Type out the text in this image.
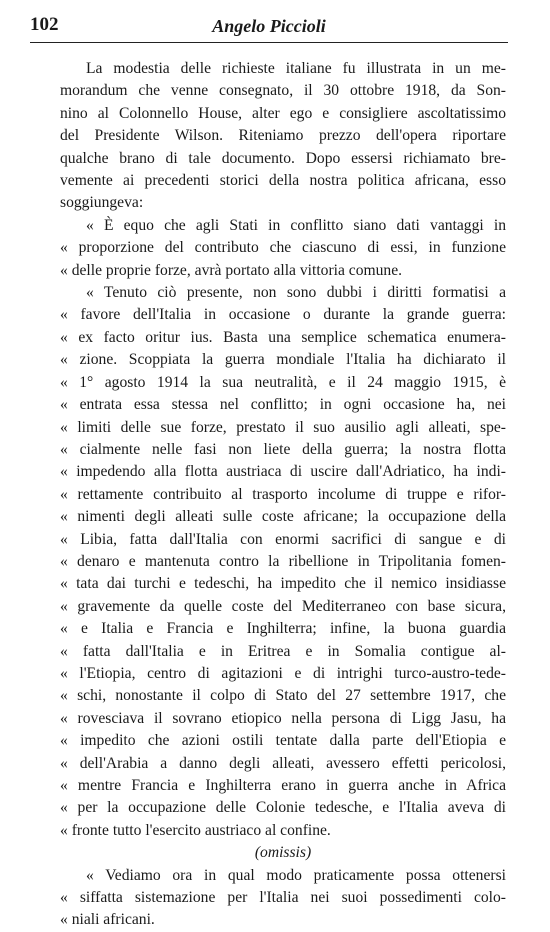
102	Angelo Piccioli
La modestia delle richieste italiane fu illustrata in un me-
morandum che venne consegnato, il 30 ottobre 1918, da Son-
nino al Colonnello House, alter ego e consigliere ascoltatissimo
del Presidente Wilson. Riteniamo prezzo dell'opera riportare
qualche brano di tale documento. Dopo essersi richiamato bre-
vemente ai precedenti storici della nostra politica africana, esso
soggiungeva:
« È equo che agli Stati in conflitto siano dati vantaggi in
« proporzione del contributo che ciascuno di essi, in funzione
« delle proprie forze, avrà portato alla vittoria comune.
« Tenuto ciò presente, non sono dubbi i diritti formatisi a
« favore dell'Italia in occasione o durante la grande guerra:
« ex facto oritur ius. Basta una semplice schematica enumera-
« zione. Scoppiata la guerra mondiale l'Italia ha dichiarato il
« 1° agosto 1914 la sua neutralità, e il 24 maggio 1915, è
« entrata essa stessa nel conflitto; in ogni occasione ha, nei
« limiti delle sue forze, prestato il suo ausilio agli alleati, spe-
« cialmente nelle fasi non liete della guerra; la nostra flotta
« impedendo alla flotta austriaca di uscire dall'Adriatico, ha indi-
« rettamente contribuito al trasporto incolume di truppe e rifor-
« nimenti degli alleati sulle coste africane; la occupazione della
« Libia, fatta dall'Italia con enormi sacrifici di sangue e di
« denaro e mantenuta contro la ribellione in Tripolitania fomen-
« tata dai turchi e tedeschi, ha impedito che il nemico insidiasse
« gravemente da quelle coste del Mediterraneo con base sicura,
« e Italia e Francia e Inghilterra; infine, la buona guardia
« fatta dall'Italia e in Eritrea e in Somalia contigue al-
« l'Etiopia, centro di agitazioni e di intrighi turco-austro-tede-
« schi, nonostante il colpo di Stato del 27 settembre 1917, che
« rovesciava il sovrano etiopico nella persona di Ligg Jasu, ha
« impedito che azioni ostili tentate dalla parte dell'Etiopia e
« dell'Arabia a danno degli alleati, avessero effetti pericolosi,
« mentre Francia e Inghilterra erano in guerra anche in Africa
« per la occupazione delle Colonie tedesche, e l'Italia aveva di
« fronte tutto l'esercito austriaco al confine.
(omissis)
« Vediamo ora in qual modo praticamente possa ottenersi
« siffatta sistemazione per l'Italia nei suoi possedimenti colo-
« niali africani.
